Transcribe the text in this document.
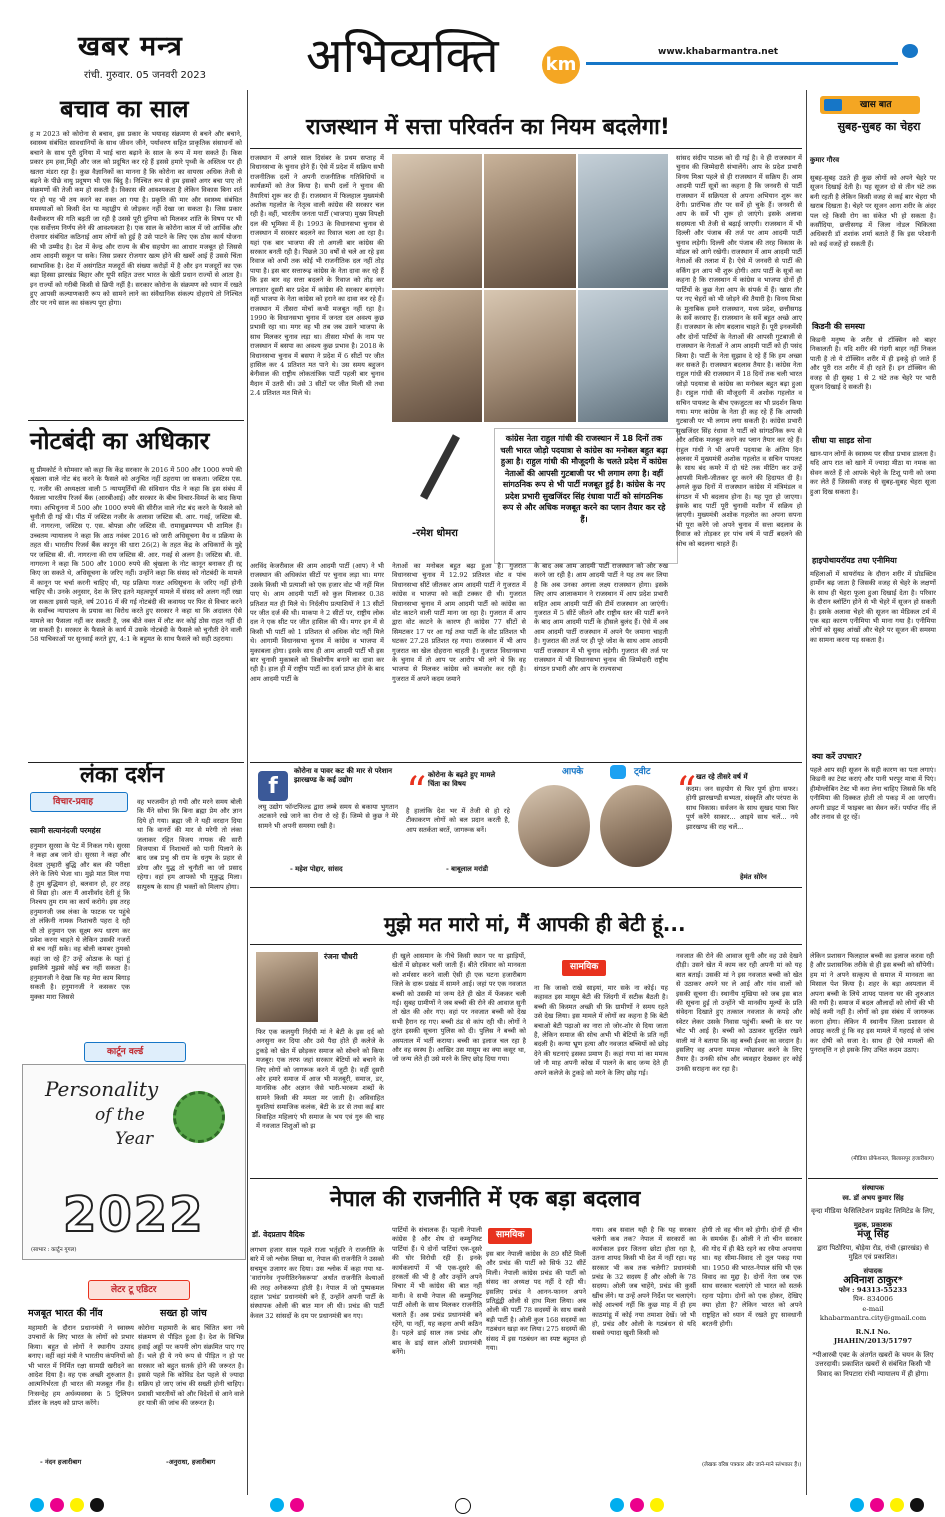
खबर मन्त्र
रांची. गुरुवार. 05 जनवरी 2023 अभिव्यक्ति	km
www.khabarmantra.net
बचाव का साल
ह म 2023 को कोरोना से बचाव, इस प्रकार के भयावह संक्रमण से बचने और बचाने, स्वास्थ्य संबंधित सावधानियों के साथ जीवन जीने, पर्यावरण सहित प्राकृतिक संसाधनों को बचाने के साथ पूरी दुनिया में भाई चारा बढ़ाने के साल के रूप में मना सकते हैं। किस प्रकार हम हवा,मिट्टी और जल को प्रदूषित कर रहे हैं इससे हमारे पृथ्वी के अस्तित्व पर ही खतरा मंडरा रहा है। कुछ वैज्ञानिकों का मानना है कि कोरोना का वायरस अधिक तेजी से बढ़ने के पीछे वायु प्रदूषण भी एक बिंदु है। निश्चित रूप से हम इसको अगर बचा पाए तो संक्रमणों की तेजी कम हो सकती है। विकास की आवश्यकता है लेकिन विकास बिना शर्त पर हो यह भी तय करने का वक्त आ गया है। प्रकृति की मार और स्वास्थ्य संबंधित समस्याओं को किसी देश या महाद्वीप से जोड़कर नहीं देखा जा सकता है। जिस प्रकार वैश्वीकरण की गति बढ़ती जा रही है उससे पूरी दुनिया को मिलकर शांति के विषय पर भी एक सर्वोत्तम निर्णय लेने की आवश्यकता है। एक साल के कोरोना काल में जो आर्थिक और रोजगार संबंधित कठिनाई आम लोगों को हुई है उसे पाटने के लिए एक ठोस कार्य योजना की भी उम्मीद है। देश में केन्द्र और राज्य के बीच सहयोग का आधार मजबूत हो जिससे आम आदमी सकून पा सके। जिस प्रकार रोजगार खत्म होने की खबरें आई हैं उससे चिंता स्वाभाविक है। देश में असंगठित मजदूरों की संख्या करोड़ों में है और इन मजदूरों का एक बड़ा हिस्सा झारखंड बिहार और यूपी सहित उत्तर भारत के खेती प्रधान राज्यों से आता है। इन राज्यों को गरीबी किसी से छिपी नहीं है। सरकार कोरोना के संक्रमण को ध्यान में रखते हुए आपसी कल्याणकारी रूप को सामने लाने का संवैधानिक संकल्प दोहराये तो निश्चित तौर पर नये साल का संकल्प पूरा होगा।
नोटबंदी का अधिकार
सु प्रीमकोर्ट ने सोमवार को कहा कि केंद्र सरकार के 2016 में 500 और 1000 रुपये की श्रृंखला वाले नोट बंद करने के फैसले को अनुचित नहीं ठहराया जा सकता। जस्टिस एस. ए. नजीर की अध्यक्षता वाली 5 न्यायमूर्तियों की संविधान पीठ ने कहा कि इस संबंध में फैसला भारतीय रिजर्व बैंक (आरबीआई) और सरकार के बीच विचार-विमर्श के बाद किया गया। अभिधूनना में 500 और 1000 रुपये की सीरीज वाले नोट बंद करने के फैसले को चुनौती दी गई थी। पीठ में जस्टिस नजीर के अलावा जस्टिस बी. आर. गवई, जस्टिस बी. वी. नागरत्ना, जस्टिस ए. एस. बोपन्ना और जस्टिस वी. रामासुब्रमण्यम भी शामिल हैं। उच्चतम न्यायालय ने कहा कि आठ नवंबर 2016 को जारी अधिसूचना वैध व प्रक्रिया के तहत थी। भारतीय रिजर्व बैंक कानून की धारा 26(2) के तहत केंद्र के अधिकारों के मुद्दे पर जस्टिस बी. वी. नागरत्ना की राय जस्टिस बी. आर. गवई से अलग है। जस्टिस बी. वी. नागरत्ना ने कहा कि 500 और 1000 रुपये की श्रृंखला के नोट कानून बनाकर ही रद्द किए जा सकते थे, अधिसूचना के जरिए नहीं। उन्होंने कहा कि संसद को नोटबंदी के मामले में कानून पर चर्चा करनी चाहिए थी, यह प्रक्रिया गजट अधिसूचना के जरिए नहीं होनी चाहिए थी। उनके अनुसार, देश के लिए इतने महत्वपूर्ण मामले में संसद को अलग नहीं रखा जा सकता इससे पहले, वर्ष 2016 में की गई नोटबंदी की कवायद पर फिर से विचार करने के सर्वोच्च न्यायालय के प्रयास का विरोध करते हुए सरकार ने कहा था कि अदालत ऐसे मामले का फैसला नहीं कर सकती है, जब बीते वक्त में लौट कर कोई ठोस राहत नहीं दी जा सकती है। सरकार के फैसले के कार्य में उसके नोटबंदी के फैसले को चुनौती देने वाली 58 याचिकाओं पर सुनवाई करते हुए, 4:1 के बहुमत के साथ फैसले को सही ठहराया।
लंका दर्शन
विचार-प्रवाह
स्वामी सत्यानंदजी परमहंस
हनुमान सुरसा के पेट में निकल गये। सुरसा ने कहा अब जाने दो। सुरसा ने कहा और देवता तुम्हारी बुद्धि और बल की परीक्षा लेने के लिये भेजा था। मुझे मात मिल गया है तुम बुद्धिमान हो, बलवान हो, हर तरह से विद्या हो। अतः मैं आशीर्वाद देती हूं कि निश्चय तुम राम का कार्य करोगे। इस तरह हनुमानजी जब लंका के फाटक पर पहुंचे तो लंकिनी नामक निशाचरी पहरा दे रही थी तो हनुमान एक सूक्ष्म रूप धारण कर प्रवेश करना चाहते थे लेकिन उसकी नजरों से बच नहीं सके। वह बोली कमबर तुमको कहां जा रहे हैं? उन्हें ओठाक के यहां हूं इसलिये मुझसे कोई बच नहीं सकता है। हनुमानजी ने देखा कि यह मेरा काम बिगाड़ सकती है। हनुमानजी ने कसकर एक मुक्का मारा जिससे
वह भरजमीन हो गयी और मरने समय बोली कि मैंने सोचा कि बिना ब्रह्मा प्रेम और ज्ञान दिये हो गया। ब्रह्मा जी ने यही वरदान दिया था कि वानरों की मार से मरेगी तो लंका जलाकर रहित विजय नायक की सारी विजयात्रा में निशाचरों को पानी पिलाने के बाद जब प्रभु श्री राम के धनुष के प्रहार से डरेगा और युद्ध तो चुनौती का जो प्रसाद रहेगा। वहां हम आपको भी मुकुद्ध मिला। सत्पुरुष के साथ ही भक्तों को मिलाप होगा।
कार्टून वर्ल्ड
Personality
of the
Year
2022
(साभार : कार्टून गूगल)
लेटर टू एडिटर
मजबूत भारत की नींव
महामारी के दौरान प्रधानमंत्री ने स्वास्थ्य उपचारों के लिए भारत के लोगों को प्रभार किया। बहुत से लोगों ने स्थानीय उत्पाद बनाए। वहीं वहां मंत्री ने भारतीय कंपनियों को भी भारत में निर्मित रक्षा सामग्री खरीदने का आदेश दिया है। वह एक अच्छी शुरुआत है। आत्मनिर्भरता ही भारत की मजबूत नींव है। निःसन्देह हम अर्थव्यवस्था के 5 ट्रिलियन डॉलर के लक्ष्य को प्राप्त करेंगे।
- नंदन हजारीबाग
सख्त हो जांच
कोरोना महामारी के बाद चिंतित बना नये संक्रमण से पीड़ित हुआ है। देश के विभिन्न हवाई अड्डों पर कपनी लोग संक्रमित पाए गए हैं। भले ही ये नये रूप से पीड़ित न हो पर सरकार को बहुत सतर्क होने की जरूरत है। इससे पहले कि कोविड देश पहले से ज्यादा सक्रिय हो जाए जांच की सख्ती होनी चाहिए। प्रवासी भारतीयों को और विदेशों से आने वाले हर यात्री की जांच की जरूरत है।
-अनुराधा, हजारीबाग
राजस्थान में सत्ता परिवर्तन का नियम बदलेगा!
राजस्थान में अगले साल दिसंबर के प्रथम सप्ताह में विधानसभा के चुनाव होने हैं। ऐसे में प्रदेश में सक्रिय सभी राजनीतिक दलों ने अपनी राजनीतिक गतिविधियों व कार्यक्रमों को तेज किया है। सभी दलों ने चुनाव की तैयारियां शुरू कर दी हैं। राजस्थान में फिलहाल मुख्यमंत्री अशोक गहलोत के नेतृत्व वाली कांग्रेस की सरकार चल रही है। वहीं, भारतीय जनता पार्टी (भाजपा) मुख्य विपक्षी दल की भूमिका में है। 1993 के विधानसभा चुनाव से राजस्थान में सरकार बदलने का रिवाज चला आ रहा है। यहां एक बार भाजपा की तो अगली बार कांग्रेस की सरकार बनती रही है। पिछले 30 वर्षों से चले आ रहे इस रिवाज को अभी तक कोई भी राजनीतिक दल नहीं तोड़ पाया है। इस बार सत्तारूढ़ कांग्रेस के नेता दावा कर रहे हैं कि इस बार वह सत्ता बदलने के रिवाज को तोड़ कर लगातार दूसरी बार प्रदेश में कांग्रेस की सरकार बनाएंगे। वहीं भाजपा के नेता कांग्रेस को हराने का दावा कर रहे हैं। राजस्थान में तीसरा मोर्चा कभी मजबूत नहीं रहा है। 1990 के विधानसभा चुनाव में जनता दल अवश्य कुछ प्रभावी रहा था। मगर वह भी तब जब उसने भाजपा के साथ मिलकर चुनाव लड़ा था। तीसरा मोर्चा के नाम पर राजस्थान में बसपा का अवश्य कुछ प्रभाव है। 2018 के विधानसभा चुनाव में बसपा ने प्रदेश में 6 सीटों पर जीत हासिल कर 4 प्रतिशत मत पाने थे। उस समय बहुजन बेनीवाल की राष्ट्रीय लोकतांत्रिक पार्टी पहली बार चुनाव मैदान में उतरी थी। उसे 3 सीटों पर जीत मिली थी तथा 2.4 प्रतिशत मत मिले थे।
-रमेश धोमरा
कांग्रेस नेता राहुल गांधी की राजस्थान में 18 दिनों तक चली भारत जोड़ो पदयात्रा से कांग्रेस का मनोबल बहुत बढ़ा हुआ है। राहुल गांधी की मौजूदगी के चलते प्रदेश में कांग्रेस नेताओं की आपसी गुटबाजी पर भी लगाम लगा है। वहीं सांगठनिक रूप से भी पार्टी मजबूत हुई है। कांग्रेस के नए प्रदेश प्रभारी सुखजिंदर सिंह रंधावा पार्टी को सांगठनिक रूप से और अधिक मजबूत करने का प्लान तैयार कर रहे हैं।
सांसद संदीप पाठक को दी गई है। वे ही राजस्थान में चुनाव की जिम्मेदारी संभालेंगे। आप के प्रदेश प्रभारी विनय मिश्रा पहले से ही राजस्थान में सक्रिय हैं। आम आदमी पार्टी सूत्रों का कहना है कि जनवरी से पार्टी राजस्थान में सक्रियता से अपना अभियान शुरू कर देगी। प्रारंभिक तौर पर सर्वे हो चुके हैं। जनवरी से आप के सर्वे भी शुरू हो जाएंगे। इसके अलावा सदस्यता भी तेजी से बढ़ाई जाएगी। राजस्थान में भी दिल्ली और पंजाब की तर्ज पर आम आदमी पार्टी चुनाव लड़ेगी। दिल्ली और पंजाब की तरह विकास के मॉडल को आगे रखेगी। राजस्थान में आम आदमी पार्टी नेताओं की तलाश में है। ऐसे में जनवरी से पार्टी की वर्किंग इन आप भी शुरू होगी। आप पार्टी के सूत्रों का कहना है कि राजस्थान में कांग्रेस व भाजपा दोनों ही पार्टियों के कुछ नेता आप के संपर्क में हैं। खास तौर पर नए चेहरों को भी जोड़ने की तैयारी है। विनय मिश्रा के मुताबिक हमने राजस्थान, मध्य प्रदेश, छत्तीसगढ़ के सर्वे करवाए हैं। राजस्थान के सर्वे बहुत अच्छे आए हैं। राजस्थान के लोग बदलाव चाहते हैं। पूरी इनकमेंसी और दोनों पार्टियों के नेताओं की आपसी गुटबाजी से राजस्थान के नेताओं ने आम आदमी पार्टी को ही पसंद किया है। पार्टी के नेता सुझाव दे रहे हैं कि हम अच्छा कर सकते हैं। राजस्थान बदलाव तैयार है। कांग्रेस नेता राहुल गांधी की राजस्थान में 18 दिनों तक चली भारत जोड़ो पदयात्रा से कांग्रेस का मनोबल बहुत बढ़ा हुआ है। राहुल गांधी की मौजूदगी में अशोक गहलोत व सचिन पायलट के बीच एकजुटता का भी प्रदर्शन किया गया। मगर कांग्रेस के नेता ही कह रहे हैं कि आपसी गुटबाजी पर भी लगाम लगा सकती है। कांग्रेस प्रभारी सुखजिंदर सिंह रंधावा ने पार्टी को सांगठनिक रूप से और अधिक मजबूत करने का प्लान तैयार कर रहे हैं। राहुल गांधी ने भी अपनी पदयात्रा के अंतिम दिन अलवर में मुख्यमंत्री अशोक गहलोत व सचिन पायलट के साथ बंद कमरे में दो घंटे तक मीटिंग कर उन्हें आपसी मिली-जीतकर दूर करने की हिदायत दी है। अगले कुछ दिनों में राजस्थान कांग्रेस में मंत्रिमंडल व संगठन में भी बदलाव होना है। यह पूरा हो जाएगा। इसके बाद पार्टी पूरी चुनावी मशीन में सक्रिय हो जाएगी। मुख्यमंत्री अशोक गहलोत का अपना सपना भी पूरा करेंगे जो अपने चुनाव में सत्ता बदलाव के रिवाज को तोड़कर हर पांच वर्ष में पार्टी बदलने की सोच को बदलना चाहते हैं।
अरविंद केजरीवाल की आम आदमी पार्टी (आप) ने भी राजस्थान की अधिकांश सीटों पर चुनाव लड़ा था। मगर उसके किसी भी प्रत्याशी को एक हजार वोट भी नहीं मिल पाए थे। आम आदमी पार्टी को कुल मिलाकर 0.38 प्रतिशत मत ही मिले थे। निर्दलीय प्रत्याशियों ने 13 सीटों पर जीत दर्ज की थी। माकपा ने 2 सीटों पर, राष्ट्रीय लोक दल ने एक सीट पर जीत हासिल की थी। मगर इन में से किसी भी पार्टी को 1 प्रतिशत से अधिक वोट नहीं मिले थे। आगामी विधानसभा चुनाव में कांग्रेस व भाजपा में मुकाबला होगा। इसके साथ ही आम आदमी पार्टी भी इस बार चुनावी मुकाबले को त्रिकोणीय बनाने का दावा कर रही है। हाल ही में राष्ट्रीय पार्टी का दर्जा प्राप्त होने के बाद आम आदमी पार्टी के
नेताओं का मनोबल बहुत बढ़ा हुआ है। गुजरात विधानसभा चुनाव में 12.92 प्रतिशत वोट व पांच विधानसभा सीटें जीतकर आम आदमी पार्टी ने गुजरात में कांग्रेस व भाजपा को कड़ी टक्कर दी थी। गुजरात विधानसभा चुनाव में आम आदमी पार्टी को कांग्रेस का वोट काटने वाली पार्टी माना जा रहा है। गुजरात में आप द्वारा वोट काटने के कारण ही कांग्रेस 77 सीटों से सिमटकर 17 पर आ गई तथा पार्टी के वोट प्रतिशत भी घटकर 27.28 प्रतिशत रह गया। राजस्थान में भी आप गुजरात का खेल दोहराना चाहती है। गुजरात विधानसभा के चुनाव में तो आप पर आरोप भी लगे थे कि वह भाजपा से मिलकर कांग्रेस को कमजोर कर रही है। गुजरात में अपने कदम जमाने
के बाद अब आम आदमी पार्टी राजस्थान को ओर रुख करने जा रही है। आम आदमी पार्टी ने यह तय कर लिया है कि अब उनका अगला लक्ष्य राजस्थान होगा। इसके लिए आप आलाकमान ने राजस्थान में आप प्रदेश प्रभारी सहित आम आदमी पार्टी की टीमें राजस्थान आ जाएंगी। गुजरात में 5 सीटें जीतने और राष्ट्रीय स्तर की पार्टी बनने के बाद आम आदमी पार्टी के हौसले बुलंद हैं। ऐसे में अब आम आदमी पार्टी राजस्थान में अपने पैर जमाना चाहती है। गुजरात की तर्ज पर ही पूरे जोश के साथ आम आदमी पार्टी राजस्थान में भी चुनाव लड़ेगी। गुजरात की तर्ज पर राजस्थान में भी विधानसभा चुनाव की जिम्मेदारी राष्ट्रीय संगठन प्रभारी और आप के राज्यसभा
f
कोरोना व पावर कट की मार से परेशान झारखण्ड के कई उद्योग
लघु उद्योग फॉन्टफिल्ड द्वारा लम्बे समय से बकाया भुगतान अटकाने रखे जाने का रोना रो रहे हैं। जिम्मे से कुछ ने मेरे सामने भी अपनी समस्या रखी है।
- महेश पोद्दार, सांसद
“ कोरोना के बढ़ते हुए मामले चिंता का विषय
है हालांकि देश भर में तेजी से हो रहे टीकाकरण लोगों को बल प्रदान करती है, आप सतर्कता बरतें, जागरूक बनें।
- बाबूलाल मरांडी
आपके	ट्वीट “ खत रहे तीसरे वर्ष में
कदम। जन सहयोग से फिर पूर्ण होगा सफर। होगी झारखण्डी सभ्यता, संस्कृति और परंपरा के साथ विकास। सर्वजन के साथ सुखद यात्रा फिर पूर्ण करेंगे साकार... आइये साथ चलें... नये झारखण्ड की राह चलें...
हेमंत सोरेन
मुझे मत मारो मां, मैं आपकी ही बेटी हूं...
रंजना चौधरी
फिर एक कलयुगी निर्दयी मां ने बेटी के इस दर्द को अनसुना कर दिया और उसे पैदा होते ही कलेजे के टुकड़े को खेत में छोड़कर समाज को सोचने को किया मजबूर। एक तरफ जहां सरकार बेटियों को बचाने के लिए लोगों को जागरूक करने में जुटी है। वहीं दूसरी ओर हमारे समाज में आज भी मजबूरी, समाज, डर, मानसिक और अज्ञान जैसे भारी-भरकम शब्दों के सामने किसी की ममता मर जाती है। अविवाहित युवतियां समाजिक कलंक, बेटी के डर से तथा कई बार विवाहित महिलाएं भी समाज के भय एवं गुरु की चाह में नवजात शिशुओं को झ
ही खुले आसमान के नीचे किसी स्थान पर या झाड़ियों, खेतों में छोड़कर चली जाती हैं। बीते रविवार को मानवता को शर्मसार करने वाली ऐसी ही एक घटना हजारीबाग जिले के दारू प्रखंड में सामने आई। जहां पर एक नवजात बच्ची को उसकी मां जन्म देते ही खेत में फेंककर चली गई। सुबह ग्रामीणों ने जब बच्ची की रोने की आवाज सुनी तो खेत की ओर गए। वहां पर नवजात बच्ची को देख सभी हैरान रह गए। बच्ची ठंड से कांप रही थी। लोगों ने तुरंत इसकी सूचना पुलिस को दी। पुलिस ने बच्ची को अस्पताल में भर्ती कराया। बच्ची का इलाज चल रहा है और वह स्वस्थ है। आखिर उस मासूम का क्या कसूर था, जो जन्म लेते ही उसे मरने के लिए छोड़ दिया गया।
सामयिक
ना कि जाको राखे साइयां, मार सके ना कोई। यह कहावत इस मासूम बेटी की जिंदगी में सटीक बैठती है। बच्ची की किस्मत अच्छी थी कि ग्रामीणों ने समय रहते उसे देख लिया। इस मामले में लोगों का कहना है कि बेटी बचाओ बेटी पढ़ाओ का नारा तो जोर-शोर से दिया जाता है, लेकिन समाज की सोच अभी भी बेटियों के प्रति नहीं बदली है। कन्या भ्रूण हत्या और नवजात बच्चियों को छोड़ देने की घटनाएं इसका प्रमाण हैं। कहां गया मां का ममत्व जो नौ माह अपनी कोख में पालने के बाद जन्म देते ही अपने कलेजे के टुकड़े को मरने के लिए छोड़ गई।
नवजात की रोने की आवाज सुनी और वह उसे देखने दौड़ी। उसने खेत में काम कर रही अपनी मां को यह बात बताई। उसकी मां ने इस नवजात बच्ची को खेत से उठाकर अपने घर ले आई और गांव वालों को इसकी सूचना दी। स्थानीय मुखिया को जब इस बात की सूचना हुई तो उन्होंने भी मानवीय मूल्यों के प्रति संवेदना दिखाते हुए तत्काल नवजात के कपड़े और स्वेटर लेकर उसके निवास पहुंचीं। बच्ची के सर पर चोट भी आई है। बच्ची को उठाकर सुरक्षित रखने वाली मां ने बताया कि वह बच्ची ईश्वर का वरदान है। इसलिए वह अपना ममत्व न्योछावर करने के लिए तैयार है। उनकी सोच और व्यवहार देखकर हर कोई उनकी सराहना कर रहा है।
लेकिन प्रशासन फिलहाल बच्ची का इलाज करवा रही है और प्रशासनिक तरीके से ही इस बच्ची को सौंपेगी। हम मां ने अपने सत्कृत्य से समाज में मानवता का मिसाल पेश किया है। शहर के बड़ा अस्पताल में अपना बच्ची के लिये शायद पालना घर की शुरुआत की गयी है। समाज में बदल औलादों को लोगों की भी कोई कमी नहीं है। लोगों को इस संबंध में जागरूक करना होगा। लेकिन मैं स्थानीय जिला प्रशासन से आग्रह करती हूं कि वह इस मामले में गहराई से जांच कर दोषी को सजा दे। साथ ही ऐसे मामलों की पुनरावृत्ति न हो इसके लिए उचित कदम उठाए।
(मीडिया प्रोफेशनल, बिलासपुर हजारीबाग)
नेपाल की राजनीति में एक बड़ा बदलाव
डॉ. वेदप्रताप वैदिक	सामयिक
लगभग हजार साल पहले राजा भर्तृहरि ने राजनीति के बारे में जो श्लोक लिखा था, नेपाल की राजनीति ने उसको सचमुच उजागर कर दिया। उस श्लोक में कहा गया था- 'वारांगनेव नृपनीतिरनेकरूपा' अर्थात राजनीति वेश्याओं की तरह अनेकरूपा होती है। नेपाल में जो पुष्पकमल दहाल 'प्रचंड' प्रधानमंत्री बने हैं, उन्होंने अपनी पार्टी के संस्थापक ओली की बात मान ली थी। प्रचंड की पार्टी केवल 32 सांसदों के दम पर प्रधानमंत्री बन गए।
पार्टियों के संचालक हैं। पहली नेपाली कांग्रेस है और शेष दो कम्युनिस्ट पार्टियां हैं। ये दोनों पार्टियां एक-दूसरे की घोर विरोधी रही हैं। इनके कार्यकलापों में भी एक-दूसरे की हरकतों की भी है और उन्होंने अपने विचार में भी कांग्रेस की बात नहीं मानी। वे सभी नेपाल की कम्युनिस्ट पार्टी ओली के साथ मिलकर राजनीति चलाते हैं। अब प्रचंड प्रधानमंत्री बने रहेंगे, या नहीं, यह कहना अभी कठिन है। पहले ढाई साल तक प्रचंड और बाद के ढाई साल ओली प्रधानमंत्री बनेंगे।
इस बार नेपाली कांग्रेस के 89 सीटें मिलीं और प्रचंड की पार्टी को सिर्फ 32 सीटें मिली। नेपाली कांग्रेस प्रचंड की पार्टी को संसद का अध्यक्ष पद नहीं दे रही थी। इसलिए प्रचंड ने आनन-फानन अपने प्रतिद्वंद्वी ओली से हाथ मिला लिया। अब ओली की पार्टी 78 सदस्यों के साथ सबसे बड़ी पार्टी है। ओली कुल 168 सदस्यों का गठबंधन खड़ा कर लिया। 275 सदस्यों की संसद में इस गठबंधन का स्पष्ट बहुमत हो गया।
गया। अब सवाल यही है कि यह सरकार चलेगी कब तक? नेपाल में सरकारों का कार्यकाल इधर जितना छोटा होता रहा है, उतना शायद किसी भी देश में नहीं रहा। यह सरकार भी कब तक चलेगी? प्रधानमंत्री प्रचंड के 32 सदस्य हैं और ओली के 78 सदस्य। ओली जब चाहेंगे, प्रचंड की कुर्सी खींच लेंगे। या उन्हें अपने निर्देश पर चलाएंगे। कोई आश्चर्य नहीं कि कुछ माह में ही हम काठमांडू में कोई नया तमाशा देखें। जो भी हो, प्रचंड और ओली के गठबंधन से यदि सबसे ज्यादा खुशी किसी को
होगी तो वह चीन को होगी। दोनों ही चीन के समर्थक हैं। ओली ने तो चीन सरकार की गोद में ही बैठे रहने का रवैया अपनाया था। यह सीमा-विवाद तो तूल पकड़ गया था। 1950 की भारत-नेपाल संधि भी एक विवाद का मुद्दा है। दोनों नेता जब एक साथ सरकार चलाएंगे तो भारत को सतर्क रहना पड़ेगा। दोनों को एक होकर, देखिए क्या होता है? लेकिन भारत को अपने राष्ट्रहित को ध्यान में रखते हुए सावधानी बरतनी होगी।
(लेखक वरिष्ठ पत्रकार और जाने-माने स्तंभकार हैं।)
खास बात
सुबह-सुबह का चेहरा
कुमार गौरव
सुबह-सुबह उठते ही कुछ लोगों को अपने चेहरे पर सूजन दिखाई देती है। यह सूजन दो से तीन घंटे तक बनी रहती है लेकिन किसी वजह से कई बार चेहरा भी खराब दिखता है। चेहरे पर सूजन आना शरीर के अंदर पल रहे किसी रोग का संकेत भी हो सकता है। कसौंदिया, छत्तीसगढ़ में जिला नोडल चिकित्सा अधिकारी डॉ शशांक शर्मा बताते हैं कि इस परेशानी को कई वजहें हो सकती हैं।
किडनी की समस्या
किडनी मनुष्य के शरीर से टॉक्सिन को बाहर निकालती है। यदि शरीर की गंदगी बाहर नहीं निकल पाती है तो ये टॉक्सिन शरीर में ही इकट्ठे हो जाते हैं और पूरी रात शरीर में ही रहते हैं। इन टॉक्सिन की वजह से ही सुबह 1 से 2 घंटे तक चेहरे पर भारी सूजन दिखाई दे सकती है।
सीधा या साइड सोना
खान-पान लोगों के स्वास्थ्य पर सीधा प्रभाव डालता है। यदि आप रात को खाने में ज्यादा मीठा या नमक का सेवन करते हैं तो आपके चेहरे के टिशू पानी को जमा कर लेते हैं जिसकी वजह से सुबह-सुबह चेहरा सूजा हुआ दिख सकता है।
हाइपोथायरॉयड तथा एनीमिया
महिलाओं में थायरॉयड के दौरान शरीर में प्रोडक्टिव हार्मोन बढ़ जाता है जिसकी वजह से चेहरे के लक्षणों के साथ ही चेहरा फूला हुआ दिखाई देता है। परिवार के दौरान ब्लॉटिंग होने से भी चेहरे में सूजन हो सकती है। इसके अलावा चेहरे की सूजन का मेडिकल टर्म में एक बड़ा कारण एनीमिया भी माना गया है। एनीमिया लोगों को सुबह आंखों और चेहरे पर सूजन की समस्या का सामना करना पड़ सकता है।
क्या करें उपचार?
पहले आप सही सूजन के सही कारण का पता लगाएं। किडनी का टेस्ट कराएं और पानी भरपूर मात्रा में पिएं। हीमोग्लोबिन टेस्ट भी करा लेना चाहिए जिससे कि यदि एनीमिया की दिक्कत होती तो पकड़ में आ जाएगी। अपनी डाइट में फाइबर का सेवन करें। पर्याप्त नींद लें और तनाव से दूर रहें।
संस्थापक
स्व. डॉ अभय कुमार सिंह
वृन्दा मीडिया फेसिलिटेशन प्राइवेट लिमिटेड के लिए,
मुद्रक, प्रकाशक
मंजू सिंह
द्वारा पिठोरिया, बोड़ेया रोड, रांची (झारखंड) से मुद्रित एवं प्रकाशित।
संपादक
अविनाश ठाकुर*
फोन : 94313-55233
पिन- 834006
e-mail
khabarmantra.city@gmail.com
R.N.I No.
JHAHIN/2013/51797
*पीआरबी एक्ट के अंतर्गत खबरों के चयन के लिए उत्तरदायी। प्रकाशित खबरों से संबंधित किसी भी विवाद का निपटारा रांची न्यायालय में ही होगा।
